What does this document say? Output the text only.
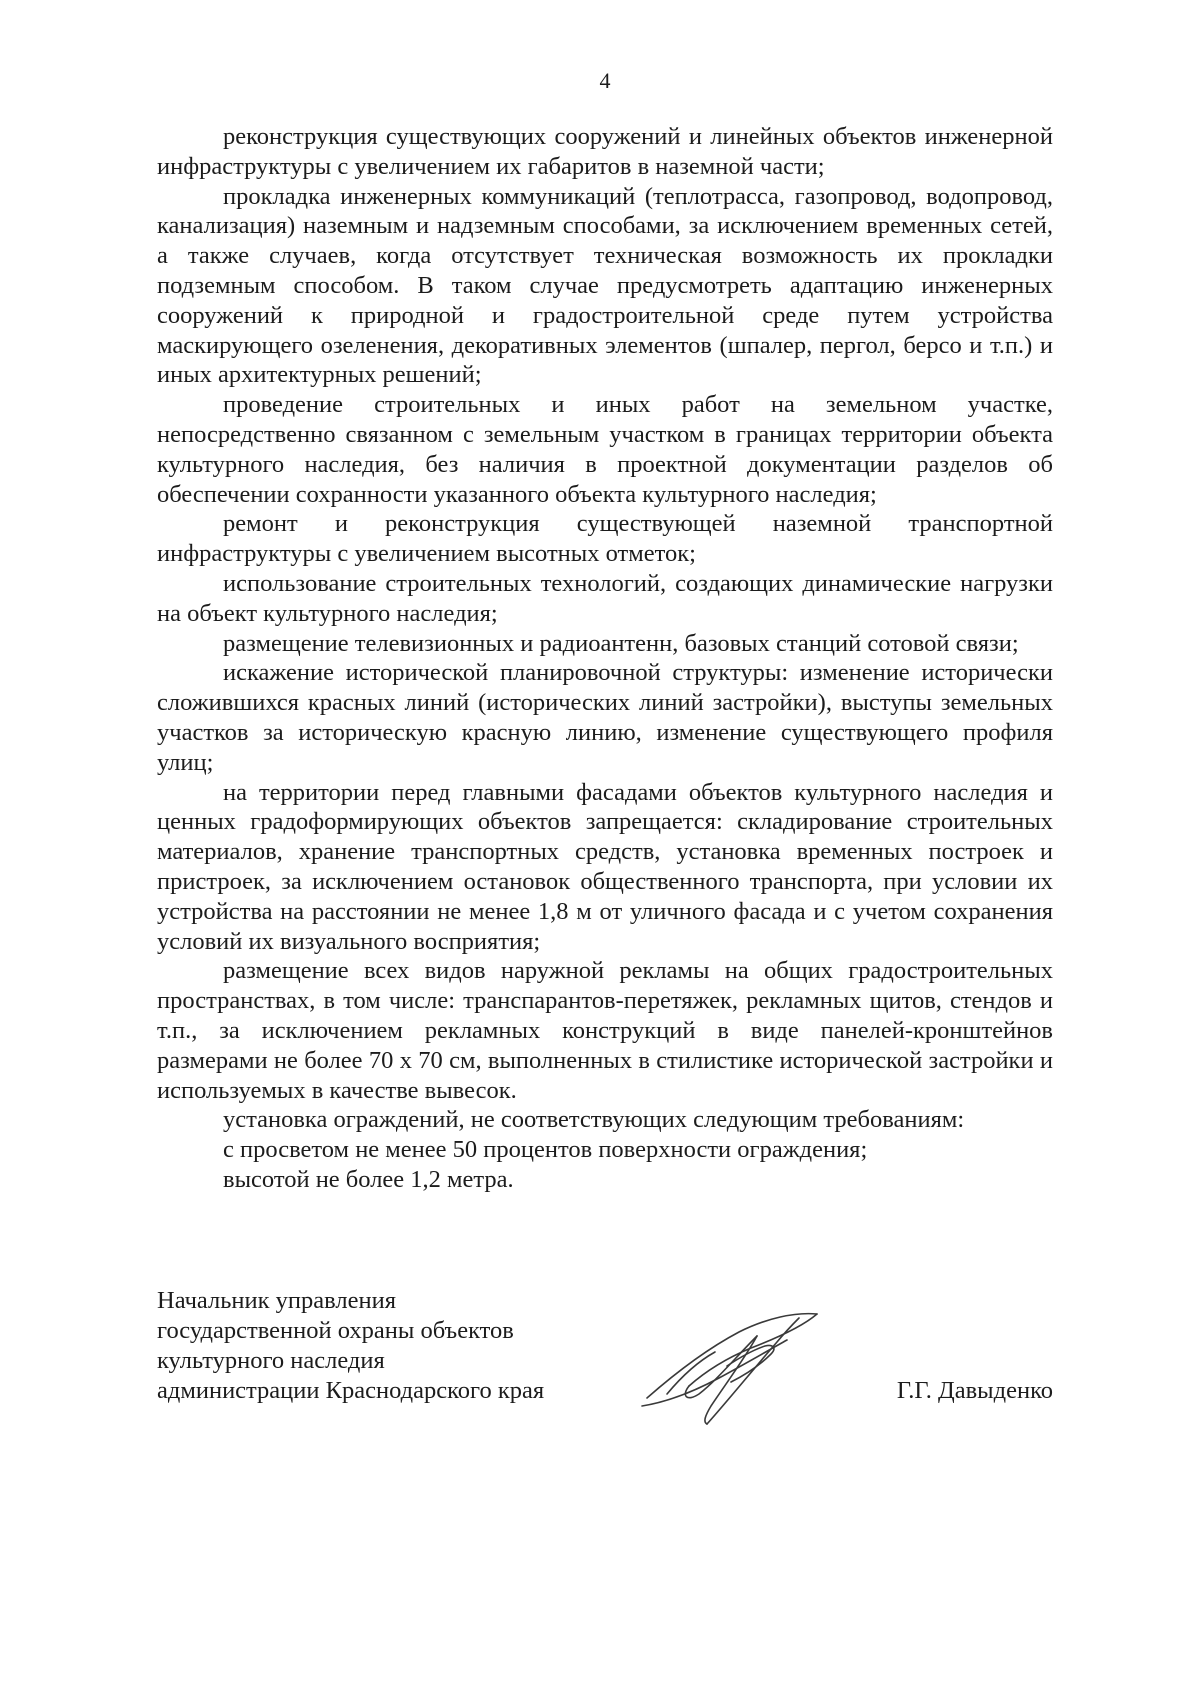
4

реконструкция существующих сооружений и линейных объектов инженерной инфраструктуры с увеличением их габаритов в наземной части;

прокладка инженерных коммуникаций (теплотрасса, газопровод, водопровод, канализация) наземным и надземным способами, за исключением временных сетей, а также случаев, когда отсутствует техническая возможность их прокладки подземным способом. В таком случае предусмотреть адаптацию инженерных сооружений к природной и градостроительной среде путем устройства маскирующего озеленения, декоративных элементов (шпалер, пергол, берсо и т.п.) и иных архитектурных решений;

проведение строительных и иных работ на земельном участке, непосредственно связанном с земельным участком в границах территории объекта культурного наследия, без наличия в проектной документации разделов об обеспечении сохранности указанного объекта культурного наследия;

ремонт и реконструкция существующей наземной транспортной инфраструктуры с увеличением высотных отметок;

использование строительных технологий, создающих динамические нагрузки на объект культурного наследия;

размещение телевизионных и радиоантенн, базовых станций сотовой связи;

искажение исторической планировочной структуры: изменение исторически сложившихся красных линий (исторических линий застройки), выступы земельных участков за историческую красную линию, изменение существующего профиля улиц;

на территории перед главными фасадами объектов культурного наследия и ценных градоформирующих объектов запрещается: складирование строительных материалов, хранение транспортных средств, установка временных построек и пристроек, за исключением остановок общественного транспорта, при условии их устройства на расстоянии не менее 1,8 м от уличного фасада и с учетом сохранения условий их визуального восприятия;

размещение всех видов наружной рекламы на общих градостроительных пространствах, в том числе: транспарантов-перетяжек, рекламных щитов, стендов и т.п., за исключением рекламных конструкций в виде панелей-кронштейнов размерами не более 70 х 70 см, выполненных в стилистике исторической застройки и используемых в качестве вывесок.

установка ограждений, не соответствующих следующим требованиям:

с просветом не менее 50 процентов поверхности ограждения;

высотой не более 1,2 метра.

Начальник управления
государственной охраны объектов
культурного наследия
администрации Краснодарского края	Г.Г. Давыденко
